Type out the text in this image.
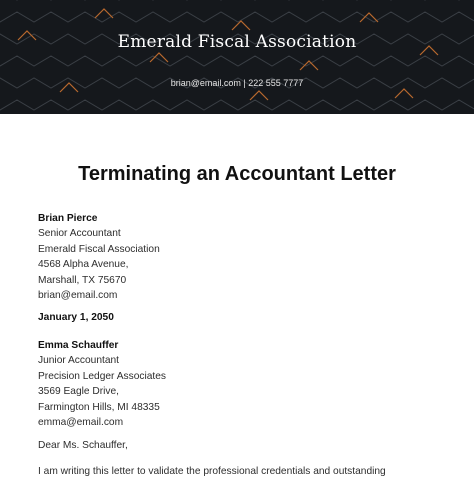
Emerald Fiscal Association
brian@email.com | 222 555 7777
Terminating an Accountant Letter
Brian Pierce
Senior Accountant
Emerald Fiscal Association
4568 Alpha Avenue,
Marshall, TX 75670
brian@email.com
January 1, 2050
Emma Schauffer
Junior Accountant
Precision Ledger Associates
3569 Eagle Drive,
Farmington Hills, MI 48335
emma@email.com
Dear Ms. Schauffer,
I am writing this letter to validate the professional credentials and outstanding
